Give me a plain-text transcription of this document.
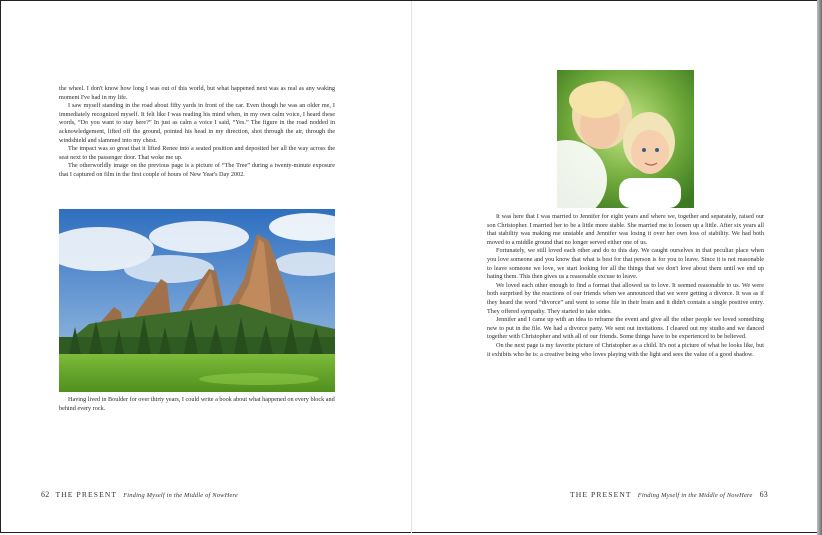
the wheel. I don't know how long I was out of this world, but what happened next was as real as any waking moment I've had in my life.

I saw myself standing in the road about fifty yards in front of the car. Even though he was an older me, I immediately recognized myself. It felt like I was reading his mind when, in my own calm voice, I heard these words, “Do you want to stay here?” In just as calm a voice I said, “Yes.” The figure in the road nodded in acknowledgement, lifted off the ground, pointed his head in my direction, shot through the air, through the windshield and slammed into my chest.

The impact was so great that it lifted Renee into a seated position and deposited her all the way across the seat next to the passenger door. That woke me up.

The otherworldly image on the previous page is a picture of “The Tree” during a twenty-minute exposure that I captured on film in the first couple of hours of New Year's Day 2002.

Having lived in Boulder for over thirty years, I could write a book about what happened on every block and behind every rock.

It was here that I was married to Jennifer for eight years and where we, together and separately, raised our son Christopher. I married her to be a little more stable. She married me to loosen up a little. After six years all that stability was making me unstable and Jennifer was losing it over her own loss of stability. We had both moved to a middle ground that no longer served either one of us.

Fortunately, we still loved each other and do to this day. We caught ourselves in that peculiar place when you love someone and you know that what is best for that person is for you to leave. Since it is not reasonable to leave someone we love, we start looking for all the things that we don't love about them until we end up hating them. This then gives us a reasonable excuse to leave.

We loved each other enough to find a format that allowed us to love. It seemed reasonable to us. We were both surprised by the reactions of our friends when we announced that we were getting a divorce. It was as if they heard the word “divorce” and went to some file in their brain and it didn't contain a single positive entry. They offered sympathy. They started to take sides.

Jennifer and I came up with an idea to reframe the event and give all the other people we loved something new to put in the file. We had a divorce party. We sent out invitations. I cleared out my studio and we danced together with Christopher and with all of our friends. Some things have to be experienced to be believed.

On the next page is my favorite picture of Christopher as a child. It's not a picture of what he looks like, but it exhibits who he is: a creative being who loves playing with the light and sees the value of a good shadow.

62 THE PRESENT Finding Myself in the Middle of NowHere	THE PRESENT Finding Myself in the Middle of NowHere 63
